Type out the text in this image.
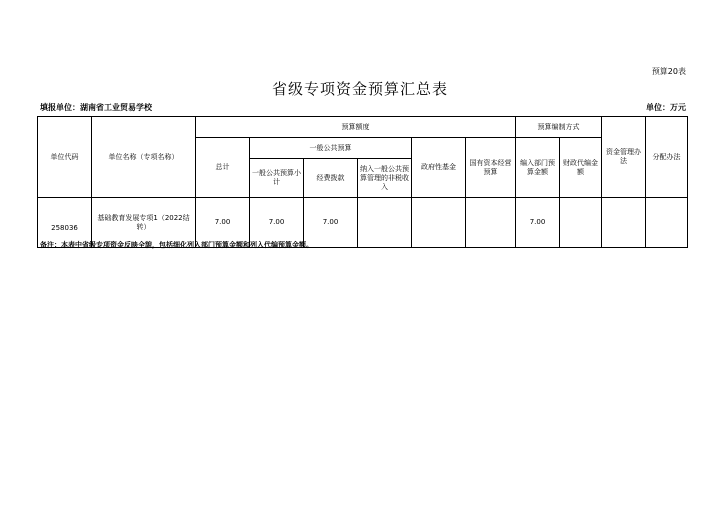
预算20表
省级专项资金预算汇总表
填报单位：湖南省工业贸易学校	单位：万元
单位代码	单位名称（专项名称）	预算额度						预算编制方式		资金管理办法	分配办法
		总计	一般公共预算			政府性基金	国有资本经营预算	编入部门预算金额	财政代编金额		
			一般公共预算小计	经费拨款	纳入一般公共预算管理的非税收入						
258036	基础教育发展专项1（2022结转）	7.00	7.00	7.00				7.00			
备注：本表中省级专项资金反映全貌，包括细化列入部门预算金额和列入代编预算金额。
